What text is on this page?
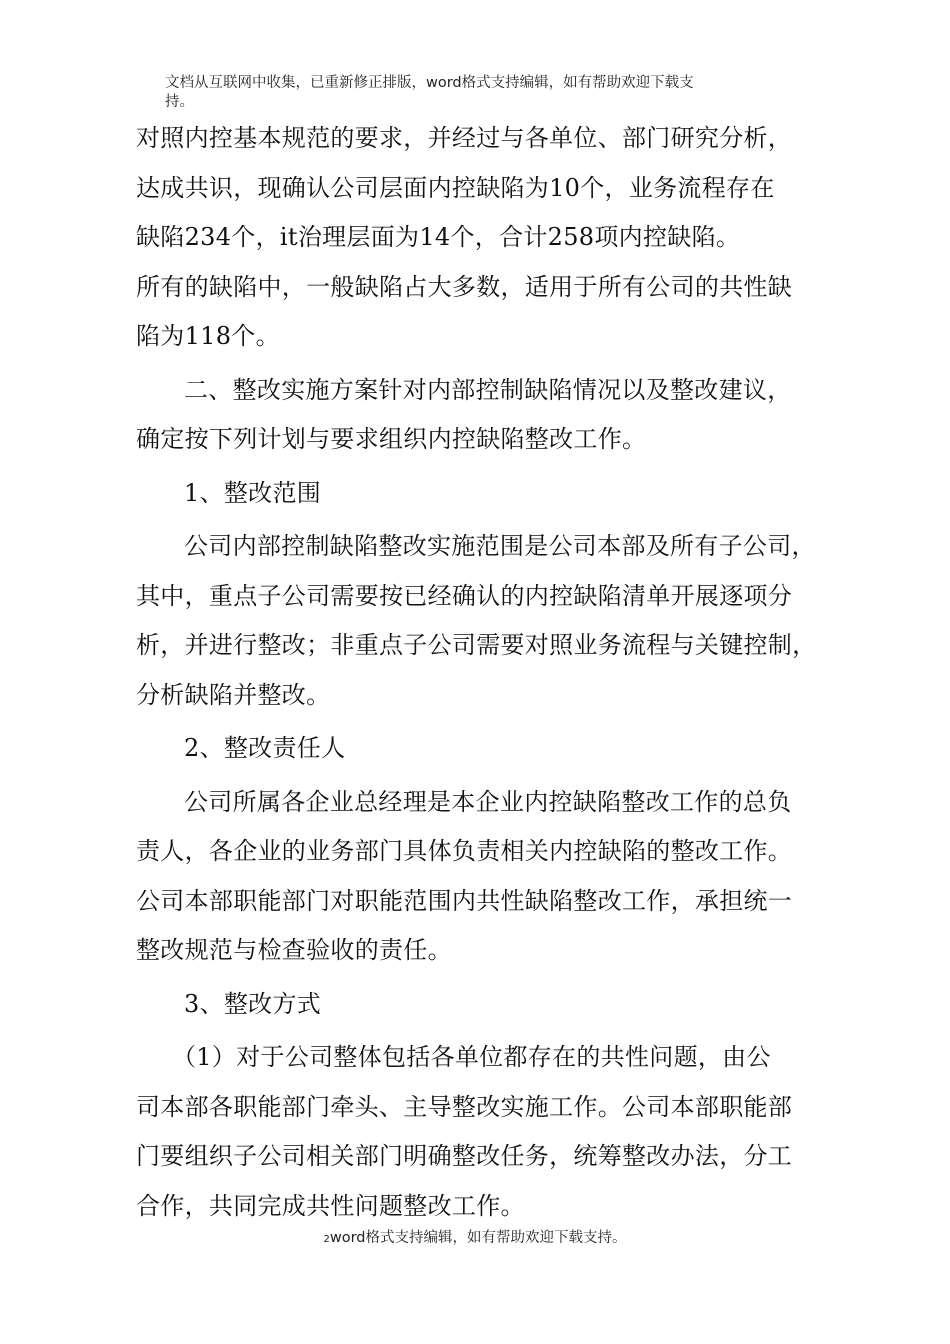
文档从互联网中收集，已重新修正排版，word格式支持编辑，如有帮助欢迎下载支
持。

对照内控基本规范的要求，并经过与各单位、部门研究分析，

达成共识，现确认公司层面内控缺陷为10个，业务流程存在

缺陷234个，it治理层面为14个，合计258项内控缺陷。

所有的缺陷中，一般缺陷占大多数，适用于所有公司的共性缺

陷为118个。

二、整改实施方案针对内部控制缺陷情况以及整改建议，

确定按下列计划与要求组织内控缺陷整改工作。

1、整改范围

公司内部控制缺陷整改实施范围是公司本部及所有子公司，

其中，重点子公司需要按已经确认的内控缺陷清单开展逐项分

析，并进行整改；非重点子公司需要对照业务流程与关键控制，

分析缺陷并整改。

2、整改责任人

公司所属各企业总经理是本企业内控缺陷整改工作的总负

责人，各企业的业务部门具体负责相关内控缺陷的整改工作。

公司本部职能部门对职能范围内共性缺陷整改工作，承担统一

整改规范与检查验收的责任。

3、整改方式

（1）对于公司整体包括各单位都存在的共性问题，由公

司本部各职能部门牵头、主导整改实施工作。公司本部职能部

门要组织子公司相关部门明确整改任务，统筹整改办法，分工

合作，共同完成共性问题整改工作。

2word格式支持编辑，如有帮助欢迎下载支持。
